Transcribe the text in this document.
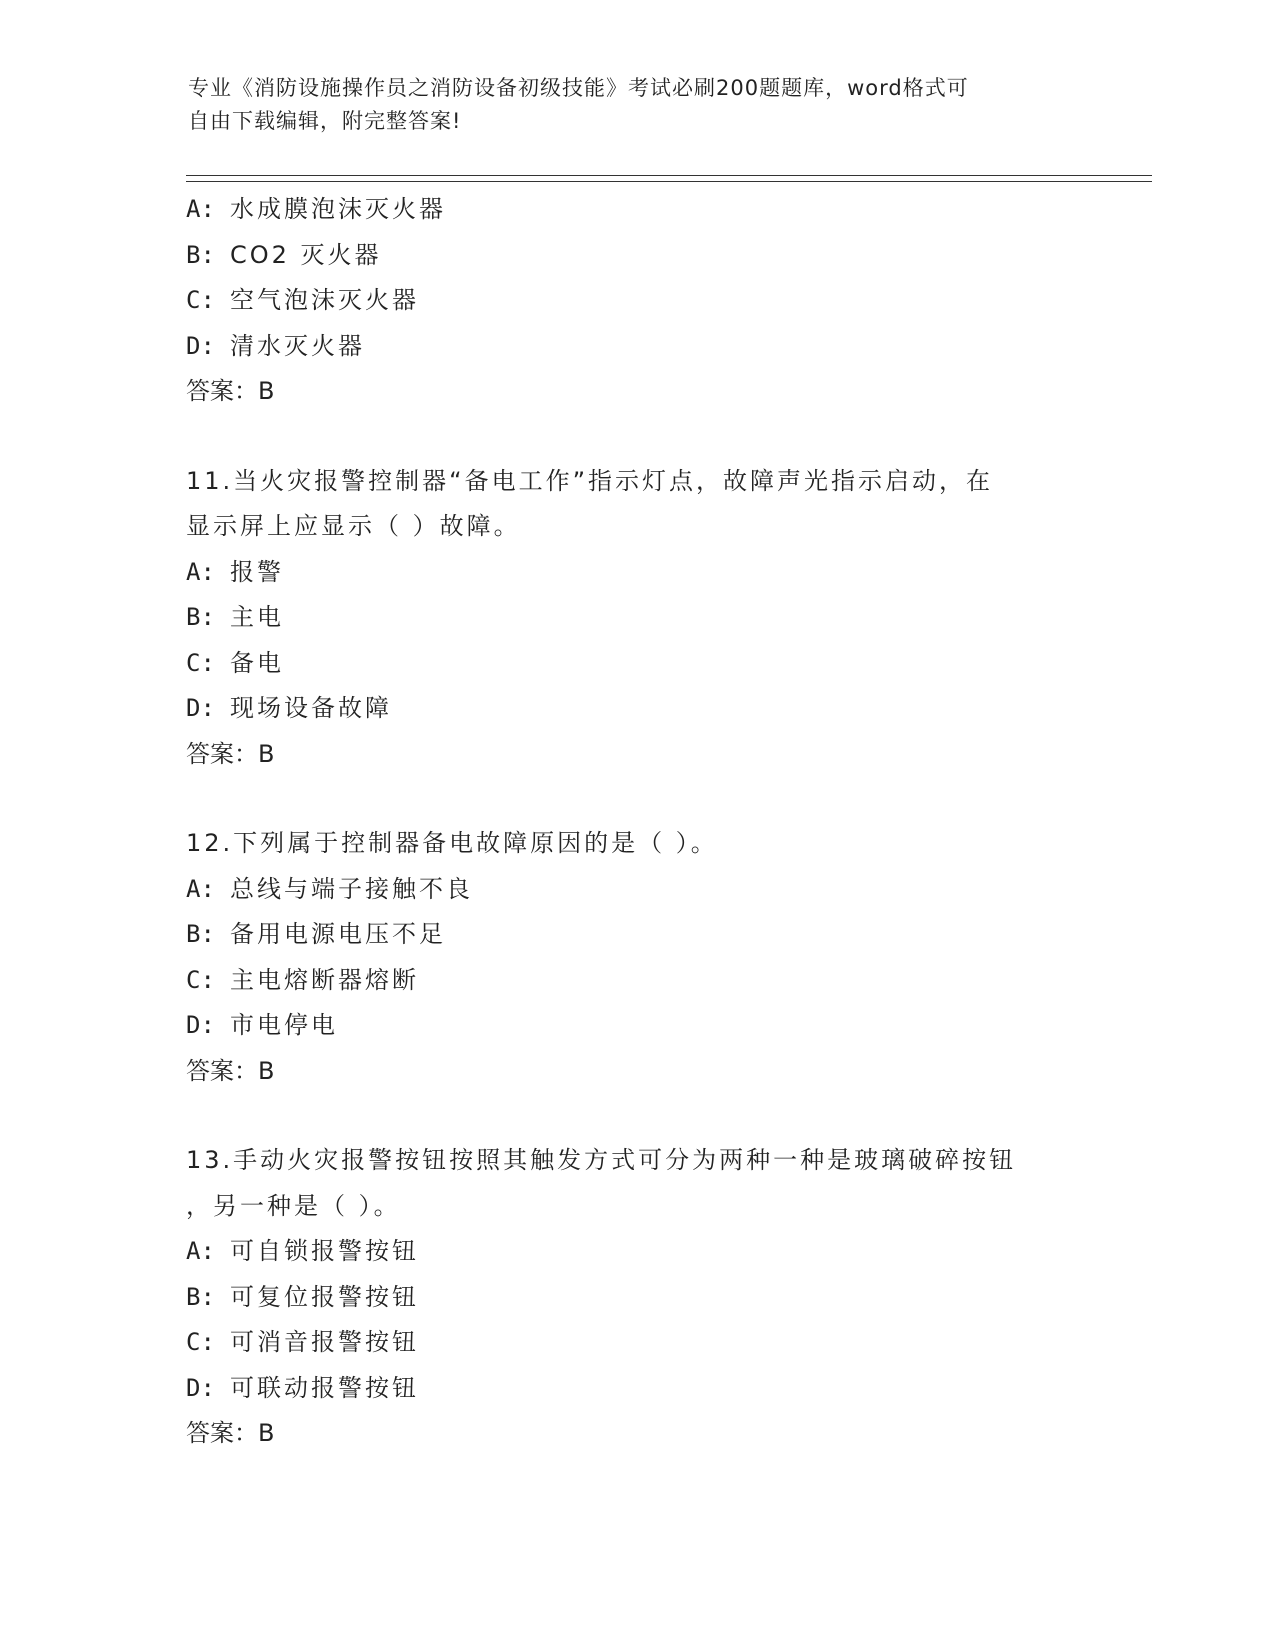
专业《消防设施操作员之消防设备初级技能》考试必刷200题题库，word格式可
自由下载编辑，附完整答案!
A: 水成膜泡沫灭火器
B: CO2 灭火器
C: 空气泡沫灭火器
D: 清水灭火器
答案：B
11.当火灾报警控制器“备电工作”指示灯点，故障声光指示启动，在
显示屏上应显示（ ）故障。
A: 报警
B: 主电
C: 备电
D: 现场设备故障
答案：B
12.下列属于控制器备电故障原因的是（ ）。
A: 总线与端子接触不良
B: 备用电源电压不足
C: 主电熔断器熔断
D: 市电停电
答案：B
13.手动火灾报警按钮按照其触发方式可分为两种一种是玻璃破碎按钮
，另一种是（ ）。
A: 可自锁报警按钮
B: 可复位报警按钮
C: 可消音报警按钮
D: 可联动报警按钮
答案：B
